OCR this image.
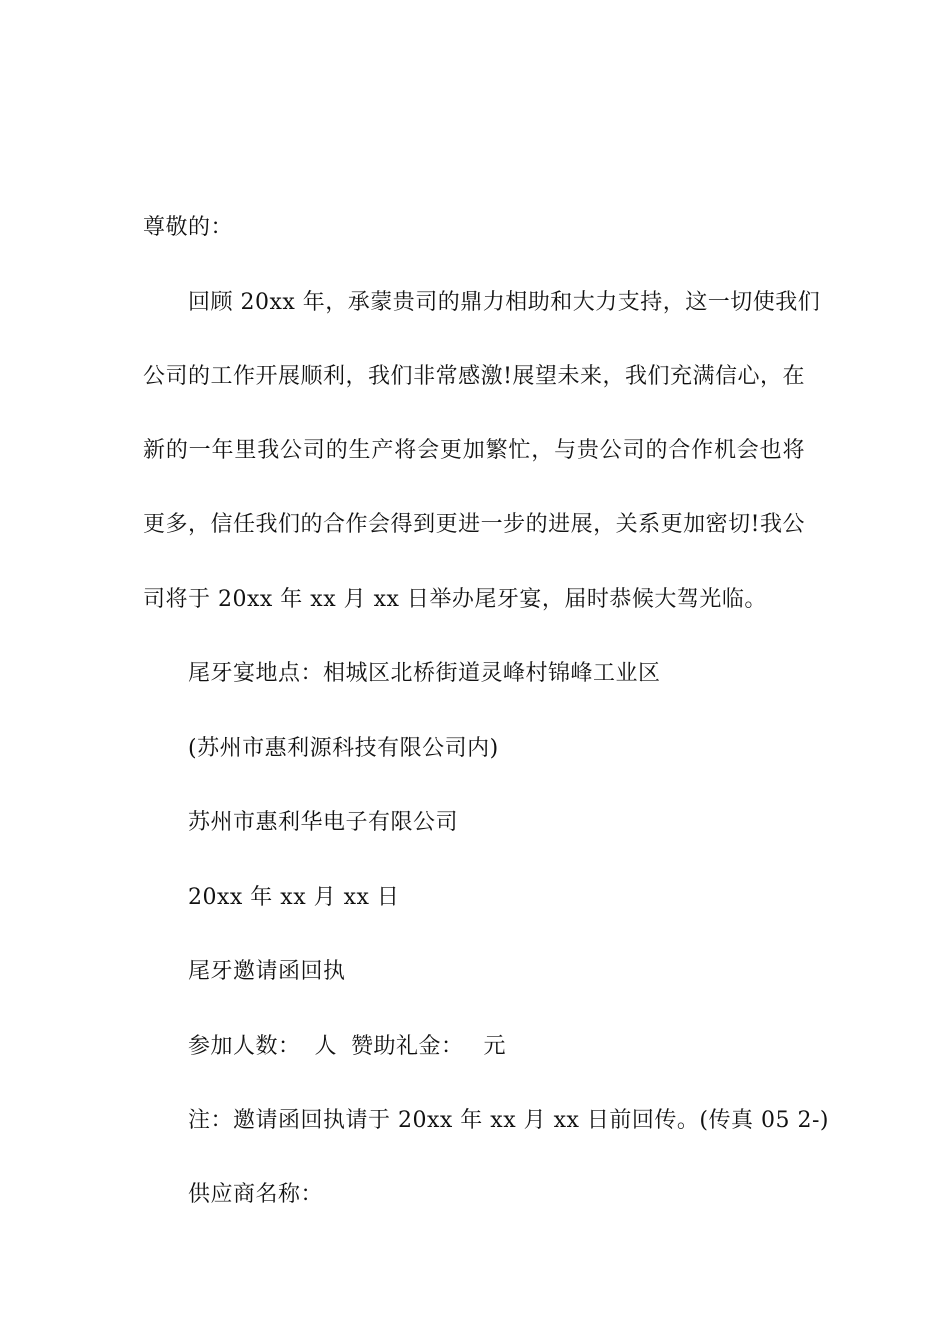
尊敬的：
回顾 20xx 年，承蒙贵司的鼎力相助和大力支持，这一切使我们
公司的工作开展顺利，我们非常感激!展望未来，我们充满信心，在
新的一年里我公司的生产将会更加繁忙，与贵公司的合作机会也将
更多，信任我们的合作会得到更进一步的进展，关系更加密切!我公
司将于 20xx 年 xx 月 xx 日举办尾牙宴，届时恭候大驾光临。
尾牙宴地点：相城区北桥街道灵峰村锦峰工业区
(苏州市惠利源科技有限公司内)
苏州市惠利华电子有限公司
20xx 年 xx 月 xx 日
尾牙邀请函回执
参加人数： 人 赞助礼金： 元
注：邀请函回执请于 20xx 年 xx 月 xx 日前回传。(传真 05 2-)
供应商名称：
